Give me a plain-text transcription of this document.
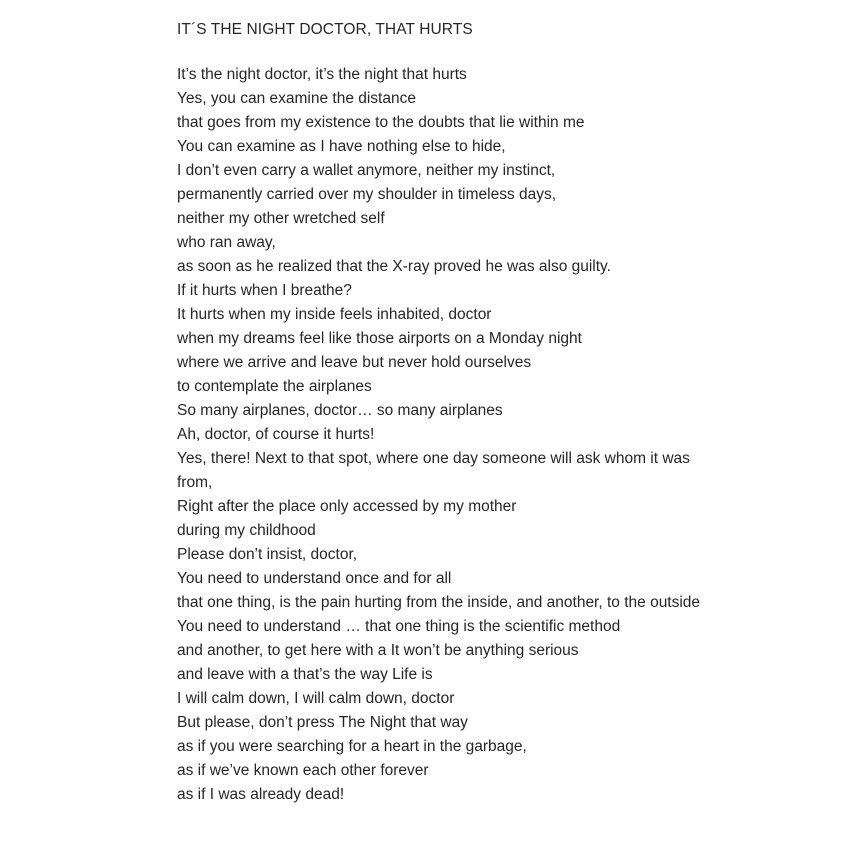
IT´S THE NIGHT DOCTOR, THAT HURTS
It’s the night doctor, it’s the night that hurts
Yes, you can examine the distance
that goes from my existence to the doubts that lie within me
You can examine as I have nothing else to hide,
I don’t even carry a wallet anymore, neither my instinct,
permanently carried over my shoulder in timeless days,
neither my other wretched self
who ran away,
as soon as he realized that the X-ray proved he was also guilty.
If it hurts when I breathe?
It hurts when my inside feels inhabited, doctor
when my dreams feel like those airports on a Monday night
where we arrive and leave but never hold ourselves
to contemplate the airplanes
So many airplanes, doctor… so many airplanes
Ah, doctor, of course it hurts!
Yes, there! Next to that spot, where one day someone will ask whom it was
from,
Right after the place only accessed by my mother
during my childhood
Please don’t insist, doctor,
You need to understand once and for all
that one thing, is the pain hurting from the inside, and another, to the outside
You need to understand … that one thing is the scientific method
and another, to get here with a It won’t be anything serious
and leave with a that’s the way Life is
I will calm down, I will calm down, doctor
But please, don’t press The Night that way
as if you were searching for a heart in the garbage,
as if we’ve known each other forever
as if I was already dead!
